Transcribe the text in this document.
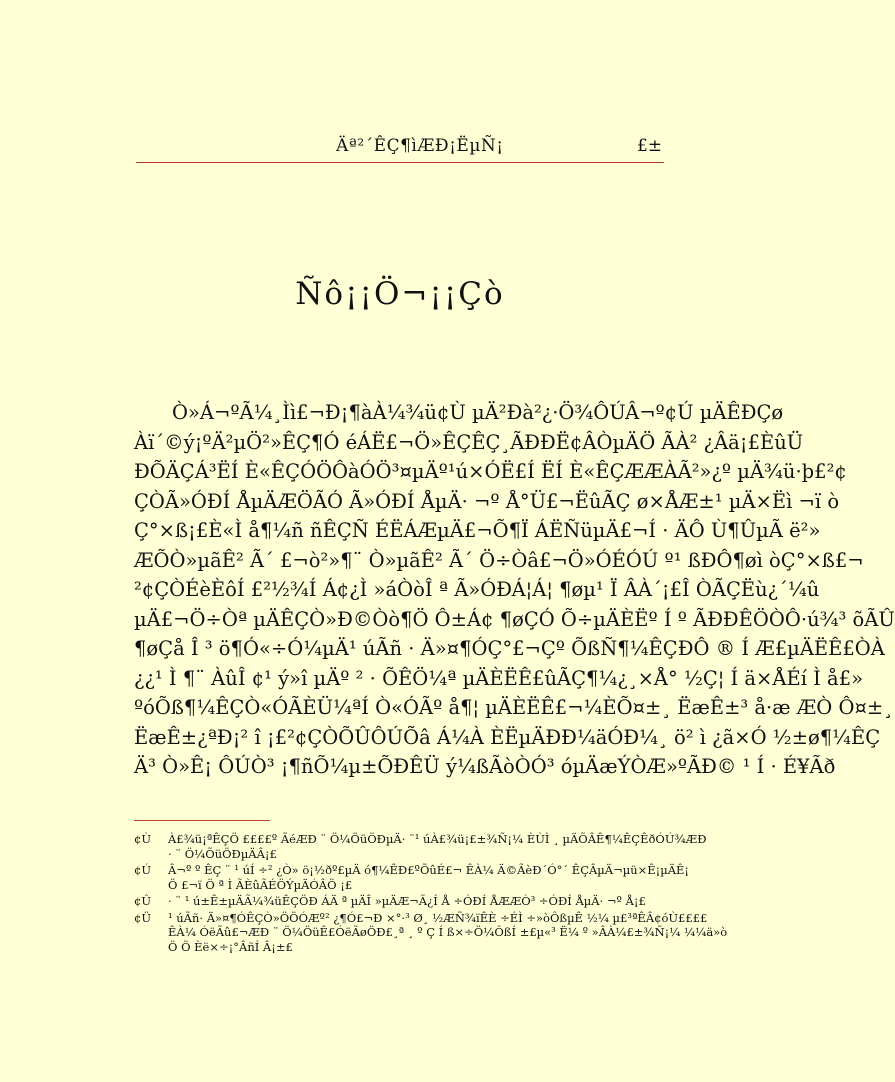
Äª²´ÊÇ¶ìÆÐ¡ËµÑ¡	£±
Ñô¡¡Ö¬¡¡Çò
Ò»Á¬ºÃ¼¸Ìì£¬Ð¡¶àÀ¼¾ü¢Ù µÄ²Ðà²¿·Ö¾ÔÚÂ¬º¢Ú µÄÊÐÇø
Àï´©ý¡ºÄ²µÖ²»ÊÇ¶Ó éÁË£¬Ö»ÊÇÊÇ¸ÃÐÐË¢ÂÒµÄÖ ÃÀ² ¿Âä¡£ÈûÜ
ÐÕÄÇÁ³ËÍ È«ÊÇÓÖÔàÓÖ³¤µÄº¹ú×ÓË£Í ËÍ È«ÊÇÆÆÀÃ²»¿º µÄ¾ü·þ£²¢
ÇÒÃ»ÓÐÍ ÅµÄÆÖÃÓ Ã»ÓÐÍ ÅµÄ· ¬º Å°Ü£¬ËûÃÇ ø×ÅÆ±¹ µÄ×Ëì ¬ï ò
Ç°×ß¡£È«Ì å¶¼ñ ñÊÇÑ ÉËÁÆµÄ£¬Õ¶Ï ÁËÑüµÄ£¬Í · ÄÔ Ù¶ÛµÃ ë²»
ÆÕÒ»µãÊ² Ã´ £¬ò²»¶¨ Ò»µãÊ² Ã´ Ö÷Òâ£¬Ö»ÓÉÓÚ º¹ ßÐÔ¶øì òÇ°×ß£¬
²¢ÇÒÉèÈôÍ £²½¾Í Á¢¿Ì »áÒòÎ ª Ã»ÓÐÁ¦Á¦ ¶øµ¹ Ï ÂÀ´¡£Î ÒÃÇËù¿´¼û
µÄ£¬Ö÷Òª µÄÊÇÒ»Ð©Òò¶Ö Ô±Á¢ ¶øÇÓ Õ÷µÄÈËº Í º ÃÐÐÊÖÒÔ·ú¾³ õÃÛ
¶øÇå Î ³ ö¶Ó«÷Ó¼µÄ¹ úÃñ · Ä»¤¶ÓÇ°£¬Çº ÕßÑ¶¼ÊÇÐÔ ® Í Æ£µÄËÊ£ÒÀ
¿¿¹ Ì ¶¨ ÀûÎ ¢¹ ý»î µÄº ² · ÕÊÖ¼ª µÄÈËÊ£ûÃÇ¶¼¿¸×Å° ½Ç¦ Í ä×ÅÉí Ì å£»
ºóÕß¶¼ÊÇÒ«ÓÃÈÜ¼ªÍ Ò«ÓÃº å¶¦ µÄÈËÊ£¬¼ÈÕ¤±¸ ËæÊ±³ å·æ ÆÒ Ô¤±¸
ËæÊ±¿ªÐ¡² î ¡£²¢ÇÒÕÛÔÚÕâ Á¼À ÈËµÄÐÐ¼äÓÐ¼¸ ö² ì ¿ã×Ó ½±ø¶¼ÊÇ
Ä³ Ò»Ê¡ ÔÚÒ³ ¡¶ñÕ¼µ±ÕÐÊÜ ý¼ßÃòÒÓ³ óµÄæÝÒÆ»ºÃÐ© ¹ Í · É¥Ãð
¢Ù À£¾ü¡ªÊÇÖ ££££º ÃéÆÐ ¨ Ö¼ÖüÖÐµÄ· ¨¹ úÀ£¾ü¡£±¾Ñ¡¼ ÈÙÌ ¸ µÄÕÂÊ¶¼ÊÇÊðÓÚ¾ÆÐ
· ¨ Ö¼ÕüÖÐµÄÂ¡£
¢Ú Â¬º º ÊÇ ¨ ¹ úÍ ÷² ¿Ò» ö¡½ðº£µÄ ó¶¼ÊÐ£ºÕûÉ£¬ ÊÀ¼ Ä©ÃèÐ´Ó°´ ÊÇÂµÄ¬µü×Ê¡µÄÊ¡
Ö £¬ï Ö ª Ì ÃÈûÃÉÖÝµÄÓÂÖ ¡£
¢Û · ¨ ¹ ú±Ê±µÄÃ¼¾üÊÇÖÐ ÁÄ ª µÄÎ »µÄÆ¬Ã¿Í Å ÷ÓÐÍ ÅÆÆÒ³ ÷ÓÐÍ ÅµÄ· ¬º Å¡£
¢Ü ¹ úÃñ· Ä»¤¶ÓÊÇÒ»ÖÖÓÆº² ¿¶Ó£¬Ð ×°·³ Ø¸ ½ÆÑ¾ïÊÈ ÷ÉÌ ÷»òÔßµÊ ½¼ µ£³ªÊÂ¢óÙ££££
ÊÀ¼ ÓëÃû£¬ÆÐ ¨ Ö¼ÖüÊ£ÓëÃøÖÐ£¸ª ¸ º Ç Í ß×÷Ö¼ÔßÍ ±£µ«³ Ë¼ º »ÂÀ¼£±¾Ñ¡¼ ¼¼ä»ò
Ö Ö Èë×÷¡°ÂñÍ Â¡±£
